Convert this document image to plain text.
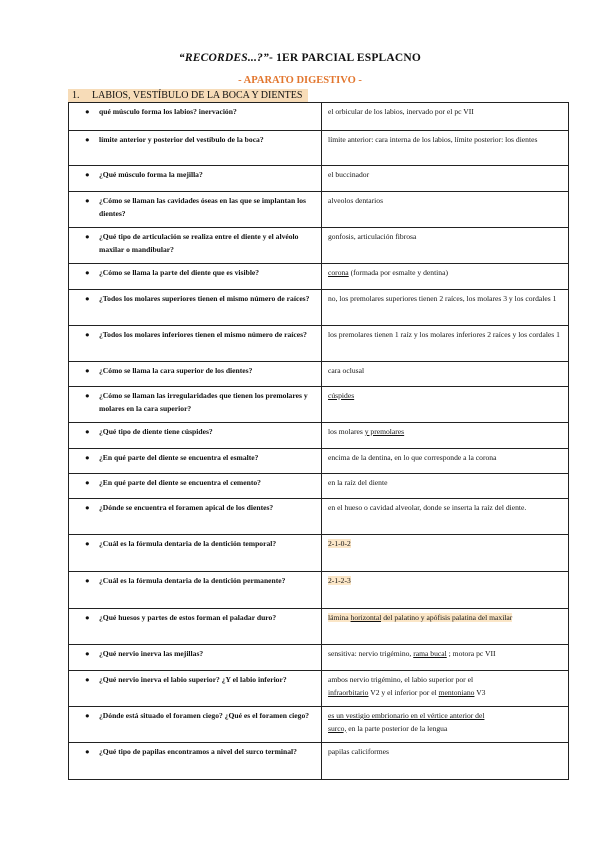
“RECORDES...?”- 1ER PARCIAL ESPLACNO
- APARATO DIGESTIVO -
1. LABIOS, VESTÍBULO DE LA BOCA Y DIENTES
● qué músculo forma los labios? inervación?	el orbicular de los labios, inervado por el pc VII

● límite anterior y posterior del vestíbulo de la boca?	límite anterior: cara interna de los labios, límite posterior: los dientes

● ¿Qué músculo forma la mejilla?	el buccinador

● ¿Cómo se llaman las cavidades óseas en las que se implantan los dientes?	alveolos dentarios

● ¿Qué tipo de articulación se realiza entre el diente y el alvéolo maxilar o mandibular?	gonfosis, articulación fibrosa

● ¿Cómo se llama la parte del diente que es visible?	corona (formada por esmalte y dentina)

● ¿Todos los molares superiores tienen el mismo número de raíces?	no, los premolares superiores tienen 2 raíces, los molares 3 y los cordales 1

● ¿Todos los molares inferiores tienen el mismo número de raíces?	los premolares tienen 1 raíz y los molares inferiores 2 raíces y los cordales 1

● ¿Cómo se llama la cara superior de los dientes?	cara oclusal

● ¿Cómo se llaman las irregularidades que tienen los premolares y molares en la cara superior?	cúspides

● ¿Qué tipo de diente tiene cúspides?	los molares y premolares

● ¿En qué parte del diente se encuentra el esmalte?	encima de la dentina, en lo que corresponde a la corona

● ¿En qué parte del diente se encuentra el cemento?	en la raíz del diente

● ¿Dónde se encuentra el foramen apical de los dientes?	en el hueso o cavidad alveolar, donde se inserta la raíz del diente.

● ¿Cuál es la fórmula dentaria de la dentición temporal?	2-1-0-2

● ¿Cuál es la fórmula dentaria de la dentición permanente?	2-1-2-3

● ¿Qué huesos y partes de estos forman el paladar duro?	lámina horizontal del palatino y apófisis palatina del maxilar

● ¿Qué nervio inerva las mejillas?	sensitiva: nervio trigémino, rama bucal ; motora pc VII

● ¿Qué nervio inerva el labio superior? ¿Y el labio inferior?	ambos nervio trigémino, el labio superior por el
infraorbitario V2 y el inferior por el mentoniano V3

● ¿Dónde está situado el foramen ciego? ¿Qué es el foramen ciego?	es un vestigio embrionario en el vértice anterior del
surco, en la parte posterior de la lengua

● ¿Qué tipo de papilas encontramos a nivel del surco terminal?	papilas caliciformes
